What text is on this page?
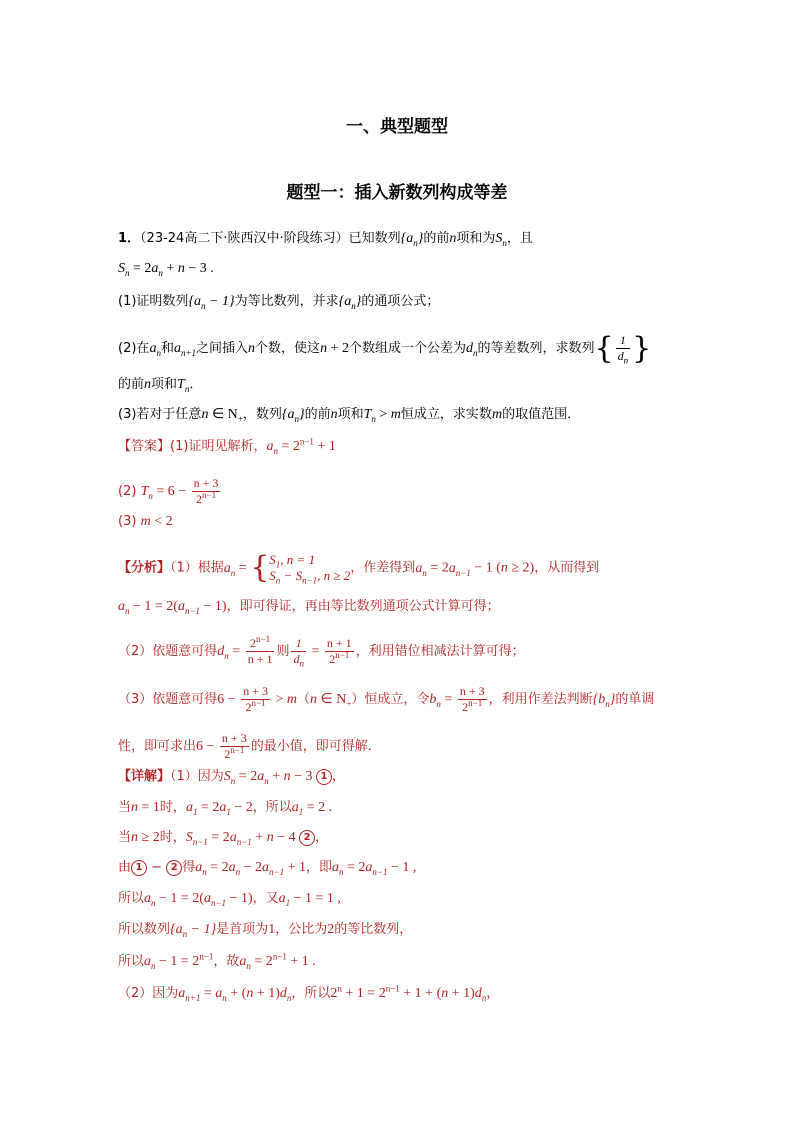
一、典型题型
题型一：插入新数列构成等差
1．（23-24高二下·陕西汉中·阶段练习）已知数列$\{a_n\}$的前n项和为$S_n$，且
$S_n = 2a_n + n - 3$ .
(1)证明数列$\{a_n - 1\}$为等比数列，并求$\{a_n\}$的通项公式；
(2)在$a_n$和$a_{n+1}$之间插入n个数，使这n + 2个数组成一个公差为$d_n$的等差数列，求数列{ $\frac{1}{d_n}$ }
的前n项和$T_n$．
(3)若对于任意n ∈ $N_+$，数列$\{a_n\}$的前n项和$T_n > m$恒成立，求实数m的取值范围．
【答案】(1)证明见解析，$a_n = 2^{n-1} + 1$
(2) $T_n = 6 - \frac{n + 3}{2^{n-1}}$
(3) m < 2
【分析】（1）根据$a_n$ = { $S_1$, n = 1
$S_n - S_{n-1}$, n ≥ 2 ，作差得到$a_n = 2a_{n-1} - 1$ (n ≥ 2)，从而得到
$a_n - 1 = 2(a_{n-1} - 1)$，即可得证，再由等比数列通项公式计算可得；
（2）依题意可得$d_n = \frac{2^{n-1}}{n + 1}$ 则 $\frac{1}{d_n} = \frac{n + 1}{2^{n-1}}$ ，利用错位相减法计算可得；
（3）依题意可得$6 - \frac{n + 3}{2^{n-1}} > m(n$ ∈ $N_+$）恒成立，令$b_n = \frac{n + 3}{2^{n-1}}$ ，利用作差法判断$\{b_n\}$的单调
性，即可求出$6 - \frac{n + 3}{2^{n-1}}$ 的最小值，即可得解．
【详解】（1）因为$S_n = 2a_n + n - 3$ 1 ，
当n = 1时，$a_1 = 2a_1 - 2$，所以$a_1 = 2$ .
当n ≥ 2时，$S_{n-1} = 2a_{n-1} + n - 4$ 2 ，
由 1 − 2 得$a_n = 2a_n - 2a_{n-1} + 1$，即$a_n = 2a_{n-1} - 1$ ,
所以$a_n - 1 = 2(a_{n-1} - 1)$，又$a_1 - 1 = 1$ ,
所以数列$\{a_n - 1\}$是首项为1，公比为2的等比数列，
所以$a_n - 1 = 2^{n-1}$，故$a_n = 2^{n-1} + 1$ .
（2）因为$a_{n+1} = a_n + (n + 1)d_n$，所以$2^n + 1 = 2^{n-1} + 1 + (n + 1)d_n$，
